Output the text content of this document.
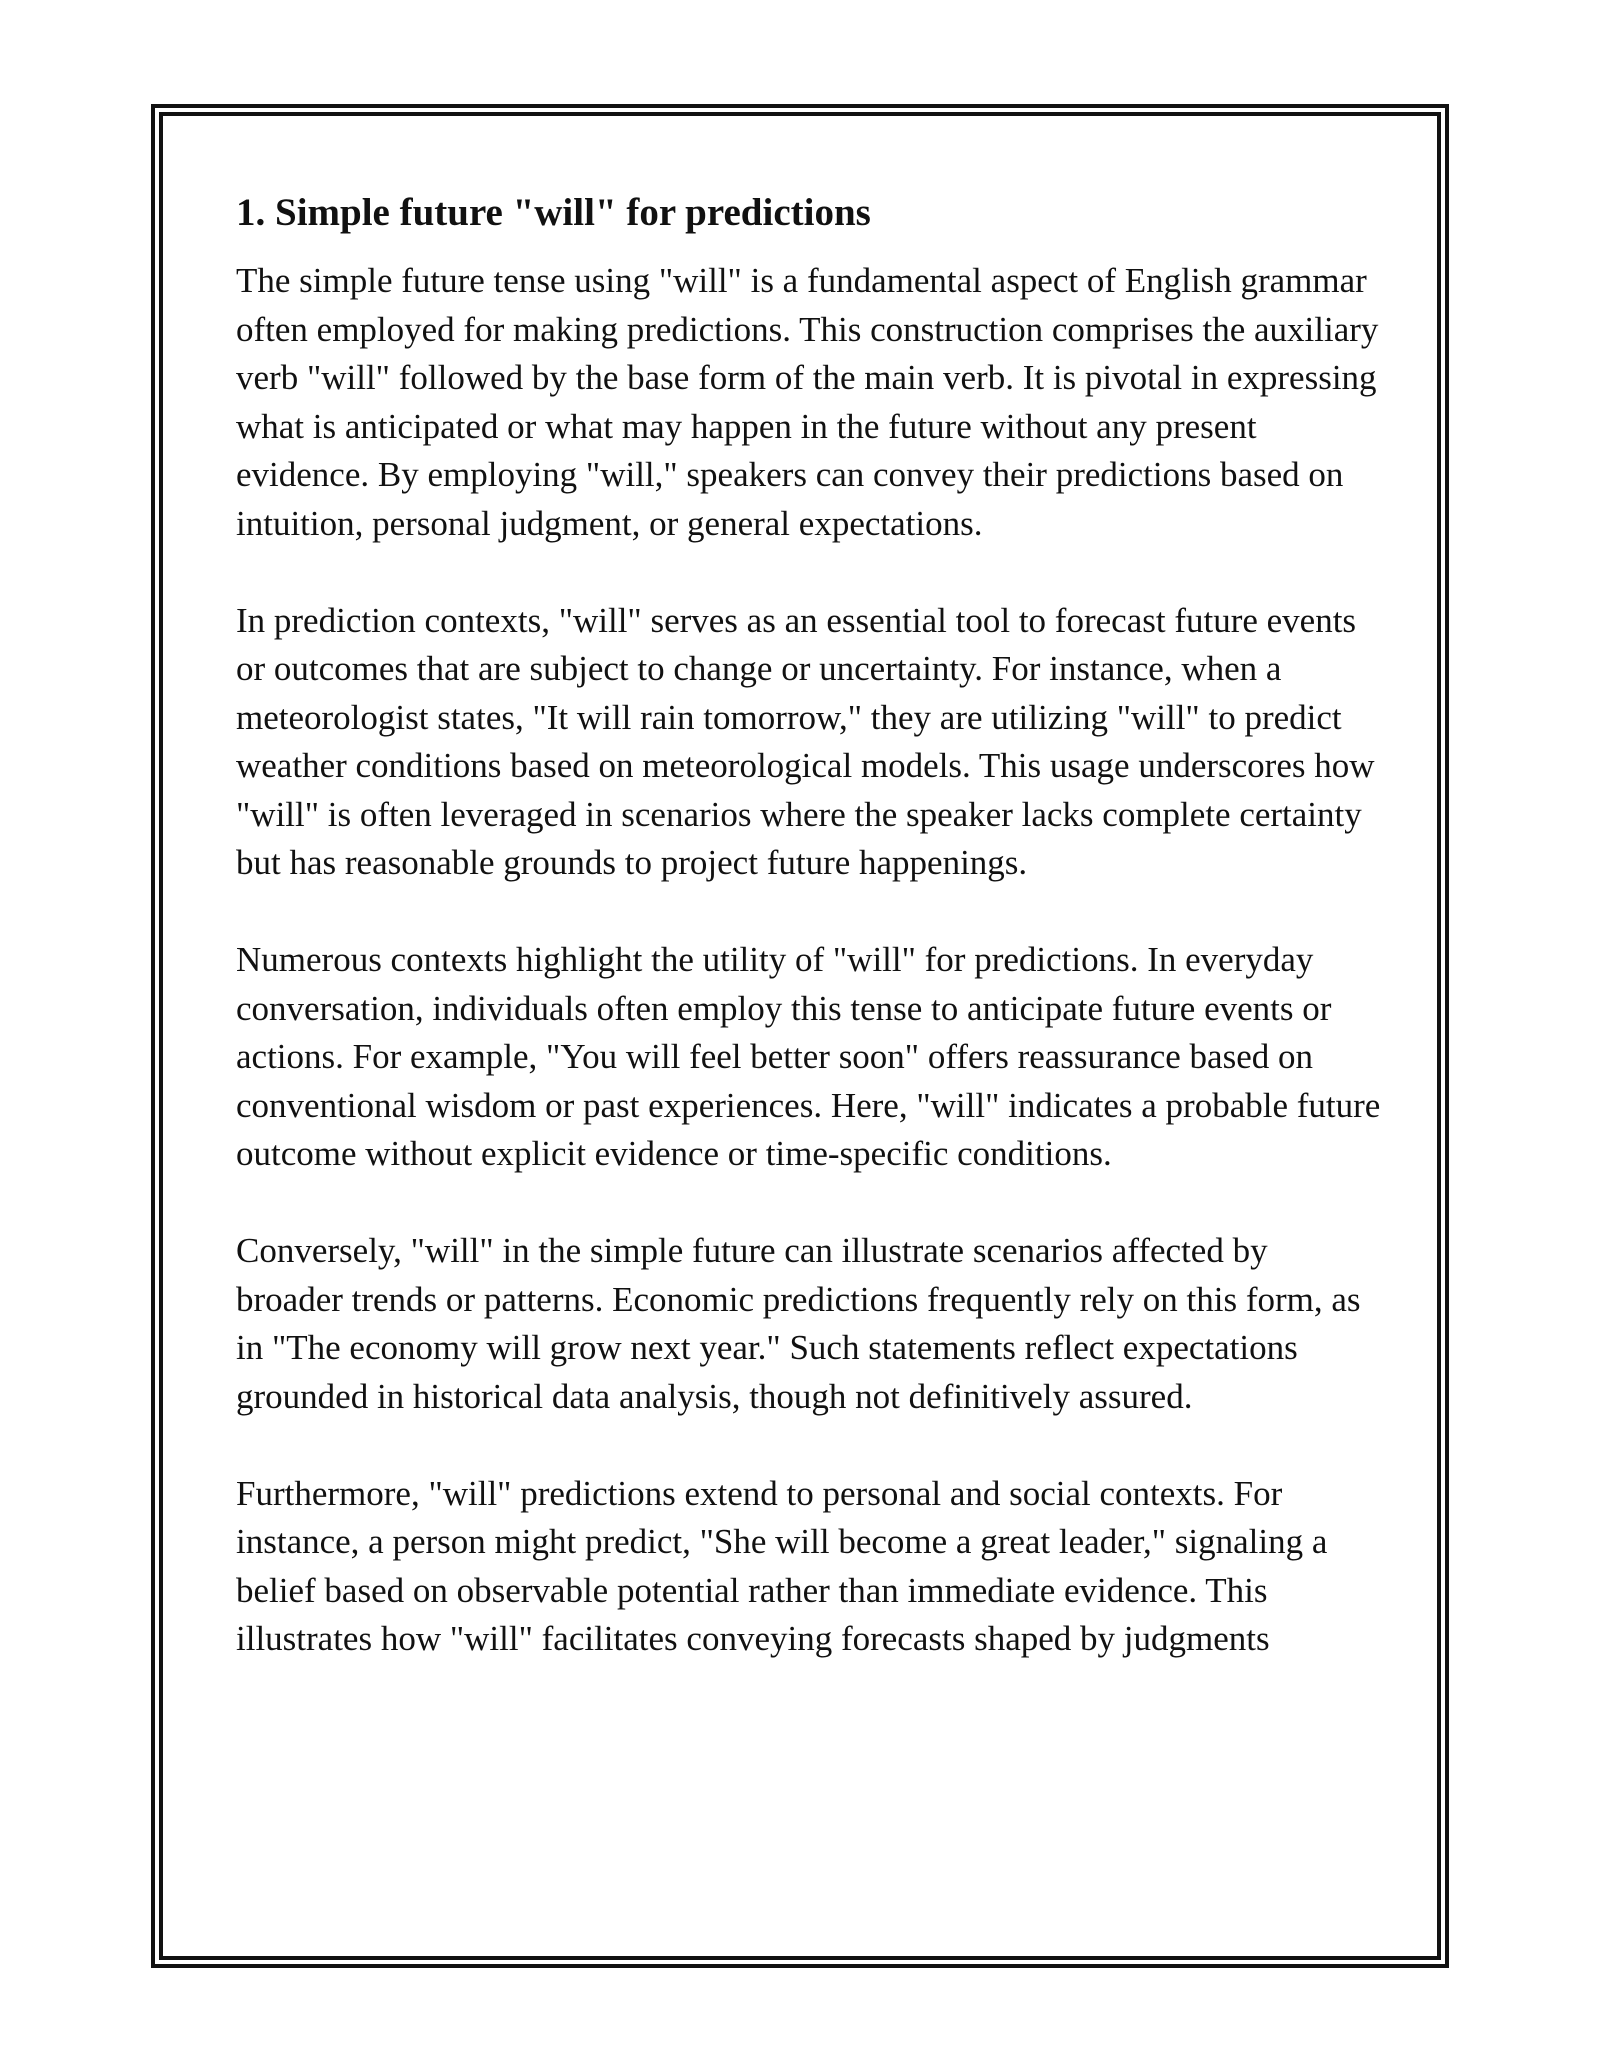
1. Simple future "will" for predictions

The simple future tense using "will" is a fundamental aspect of English grammar often employed for making predictions. This construction comprises the auxiliary verb "will" followed by the base form of the main verb. It is pivotal in expressing what is anticipated or what may happen in the future without any present evidence. By employing "will," speakers can convey their predictions based on intuition, personal judgment, or general expectations.

In prediction contexts, "will" serves as an essential tool to forecast future events or outcomes that are subject to change or uncertainty. For instance, when a meteorologist states, "It will rain tomorrow," they are utilizing "will" to predict weather conditions based on meteorological models. This usage underscores how "will" is often leveraged in scenarios where the speaker lacks complete certainty but has reasonable grounds to project future happenings.

Numerous contexts highlight the utility of "will" for predictions. In everyday conversation, individuals often employ this tense to anticipate future events or actions. For example, "You will feel better soon" offers reassurance based on conventional wisdom or past experiences. Here, "will" indicates a probable future outcome without explicit evidence or time-specific conditions.

Conversely, "will" in the simple future can illustrate scenarios affected by broader trends or patterns. Economic predictions frequently rely on this form, as in "The economy will grow next year." Such statements reflect expectations grounded in historical data analysis, though not definitively assured.

Furthermore, "will" predictions extend to personal and social contexts. For instance, a person might predict, "She will become a great leader," signaling a belief based on observable potential rather than immediate evidence. This illustrates how "will" facilitates conveying forecasts shaped by judgments
